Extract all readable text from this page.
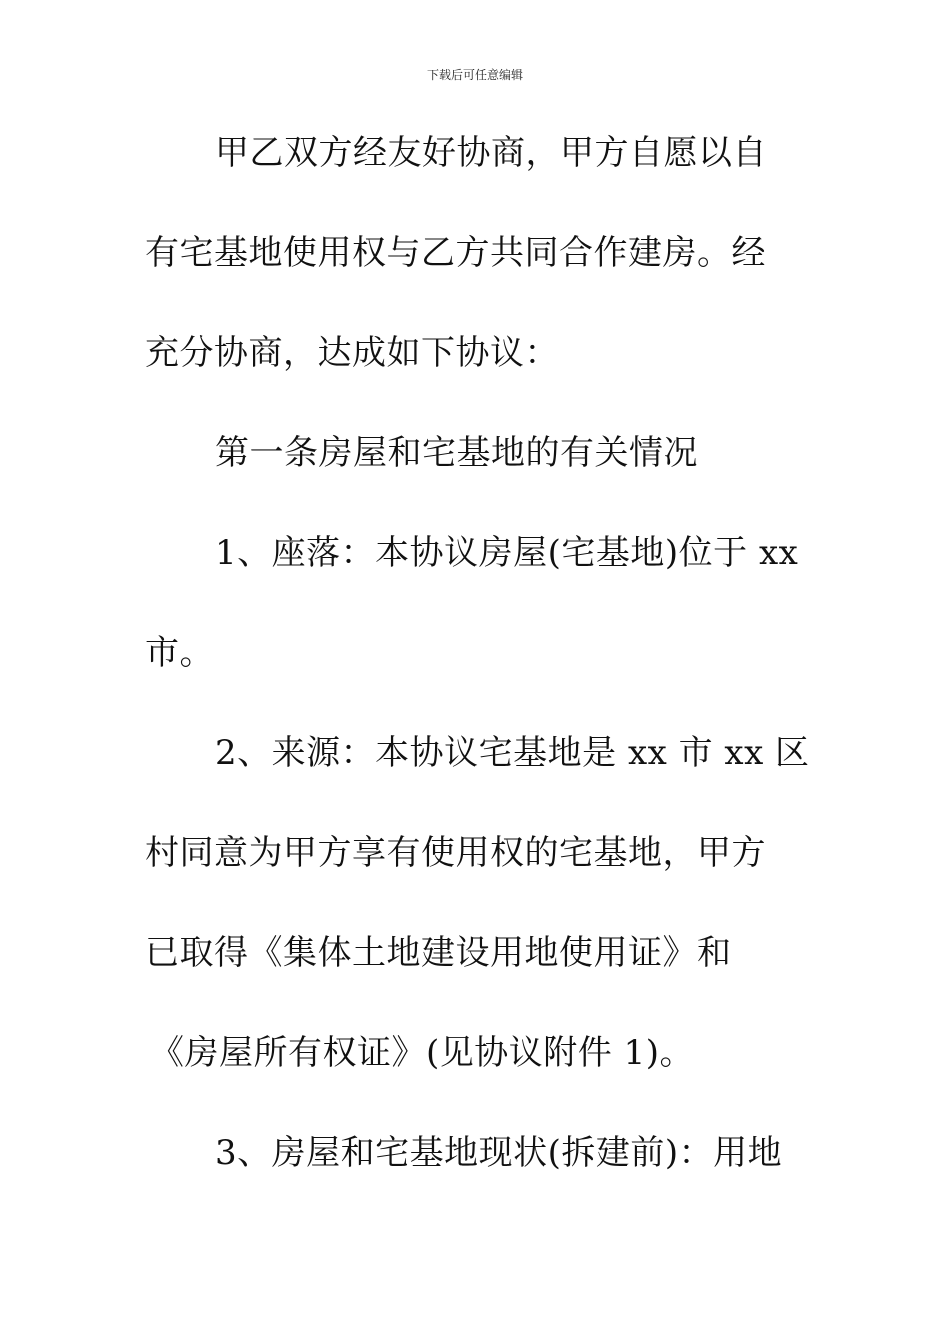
下载后可任意编辑
甲乙双方经友好协商，甲方自愿以自
有宅基地使用权与乙方共同合作建房。经
充分协商，达成如下协议：
第一条房屋和宅基地的有关情况
1、座落：本协议房屋(宅基地)位于 xx
市。
2、来源：本协议宅基地是 xx 市 xx 区
村同意为甲方享有使用权的宅基地，甲方
已取得《集体土地建设用地使用证》和
《房屋所有权证》(见协议附件 1)。
3、房屋和宅基地现状(拆建前)：用地
